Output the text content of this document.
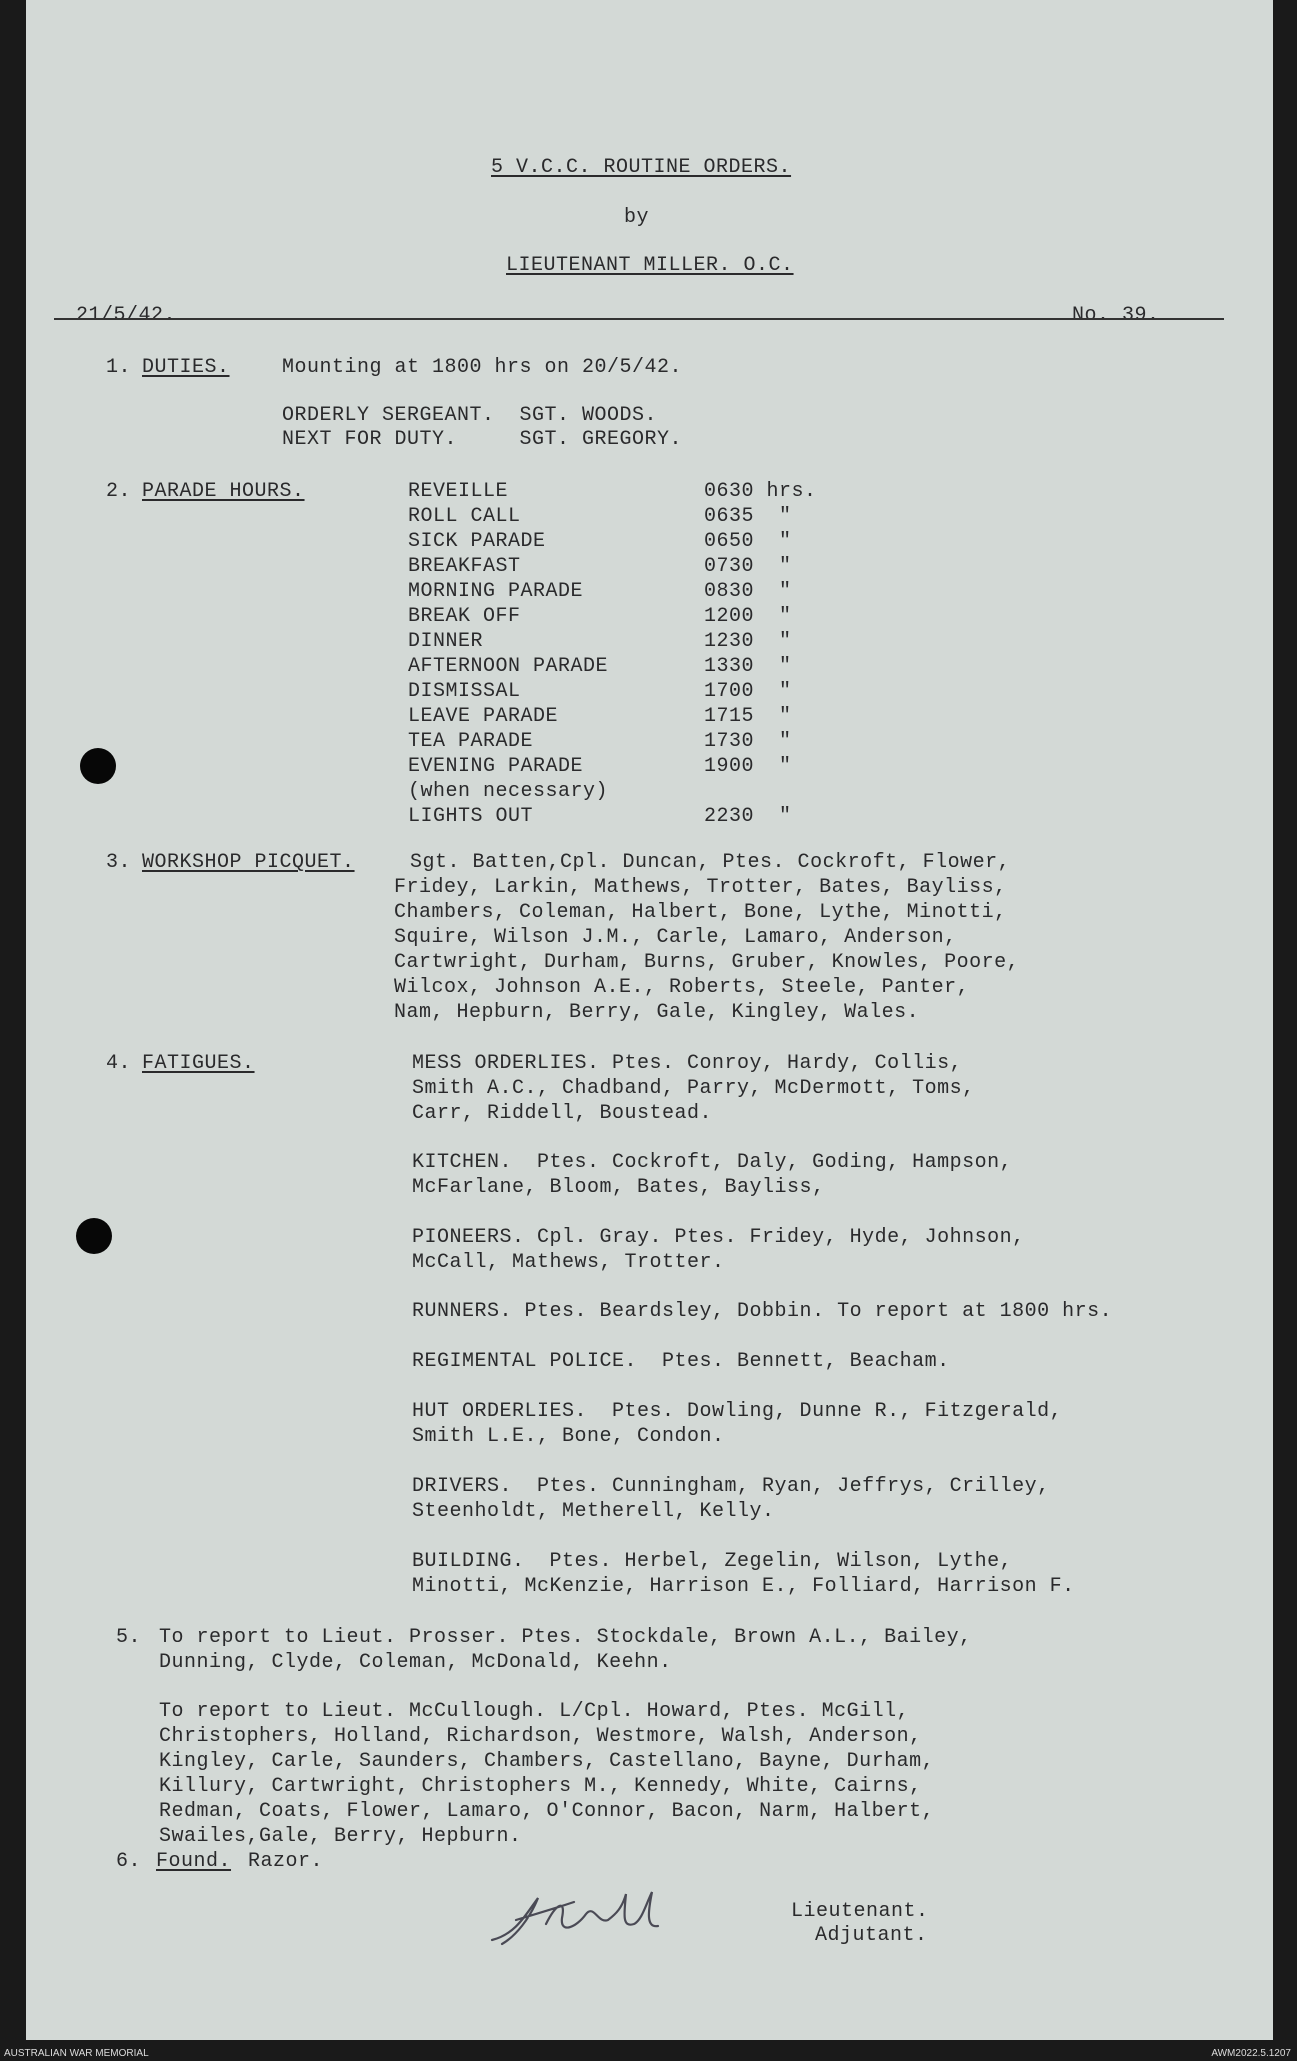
5 V.C.C. ROUTINE ORDERS.
by
LIEUTENANT MILLER. O.C.
21/5/42.	No. 39.
1. DUTIES.	Mounting at 1800 hrs on 20/5/42.
ORDERLY SERGEANT.  SGT. WOODS.
NEXT FOR DUTY.     SGT. GREGORY.
2. PARADE HOURS.	REVEILLE	0630 hrs.
ROLL CALL	0635  "
SICK PARADE	0650  "
BREAKFAST	0730  "
MORNING PARADE	0830  "
BREAK OFF	1200  "
DINNER	1230  "
AFTERNOON PARADE	1330  "
DISMISSAL	1700  "
LEAVE PARADE	1715  "
TEA PARADE	1730  "
EVENING PARADE	1900  "
(when necessary)
LIGHTS OUT	2230  "
3. WORKSHOP PICQUET.	Sgt. Batten,Cpl. Duncan, Ptes. Cockroft, Flower,
Fridey, Larkin, Mathews, Trotter, Bates, Bayliss,
Chambers, Coleman, Halbert, Bone, Lythe, Minotti,
Squire, Wilson J.M., Carle, Lamaro, Anderson,
Cartwright, Durham, Burns, Gruber, Knowles, Poore,
Wilcox, Johnson A.E., Roberts, Steele, Panter,
Nam, Hepburn, Berry, Gale, Kingley, Wales.
4. FATIGUES.	MESS ORDERLIES. Ptes. Conroy, Hardy, Collis,
Smith A.C., Chadband, Parry, McDermott, Toms,
Carr, Riddell, Boustead.
KITCHEN.  Ptes. Cockroft, Daly, Goding, Hampson,
McFarlane, Bloom, Bates, Bayliss,
PIONEERS. Cpl. Gray. Ptes. Fridey, Hyde, Johnson,
McCall, Mathews, Trotter.
RUNNERS. Ptes. Beardsley, Dobbin. To report at 1800 hrs.
REGIMENTAL POLICE.  Ptes. Bennett, Beacham.
HUT ORDERLIES.  Ptes. Dowling, Dunne R., Fitzgerald,
Smith L.E., Bone, Condon.
DRIVERS.  Ptes. Cunningham, Ryan, Jeffrys, Crilley,
Steenholdt, Metherell, Kelly.
BUILDING.  Ptes. Herbel, Zegelin, Wilson, Lythe,
Minotti, McKenzie, Harrison E., Folliard, Harrison F.
5. To report to Lieut. Prosser. Ptes. Stockdale, Brown A.L., Bailey,
Dunning, Clyde, Coleman, McDonald, Keehn.
To report to Lieut. McCullough. L/Cpl. Howard, Ptes. McGill,
Christophers, Holland, Richardson, Westmore, Walsh, Anderson,
Kingley, Carle, Saunders, Chambers, Castellano, Bayne, Durham,
Killury, Cartwright, Christophers M., Kennedy, White, Cairns,
Redman, Coats, Flower, Lamaro, O'Connor, Bacon, Narm, Halbert,
Swailes,Gale, Berry, Hepburn.
6. Found. Razor.
Lieutenant.
Adjutant.
AUSTRALIAN WAR MEMORIAL	AWM2022.5.1207
